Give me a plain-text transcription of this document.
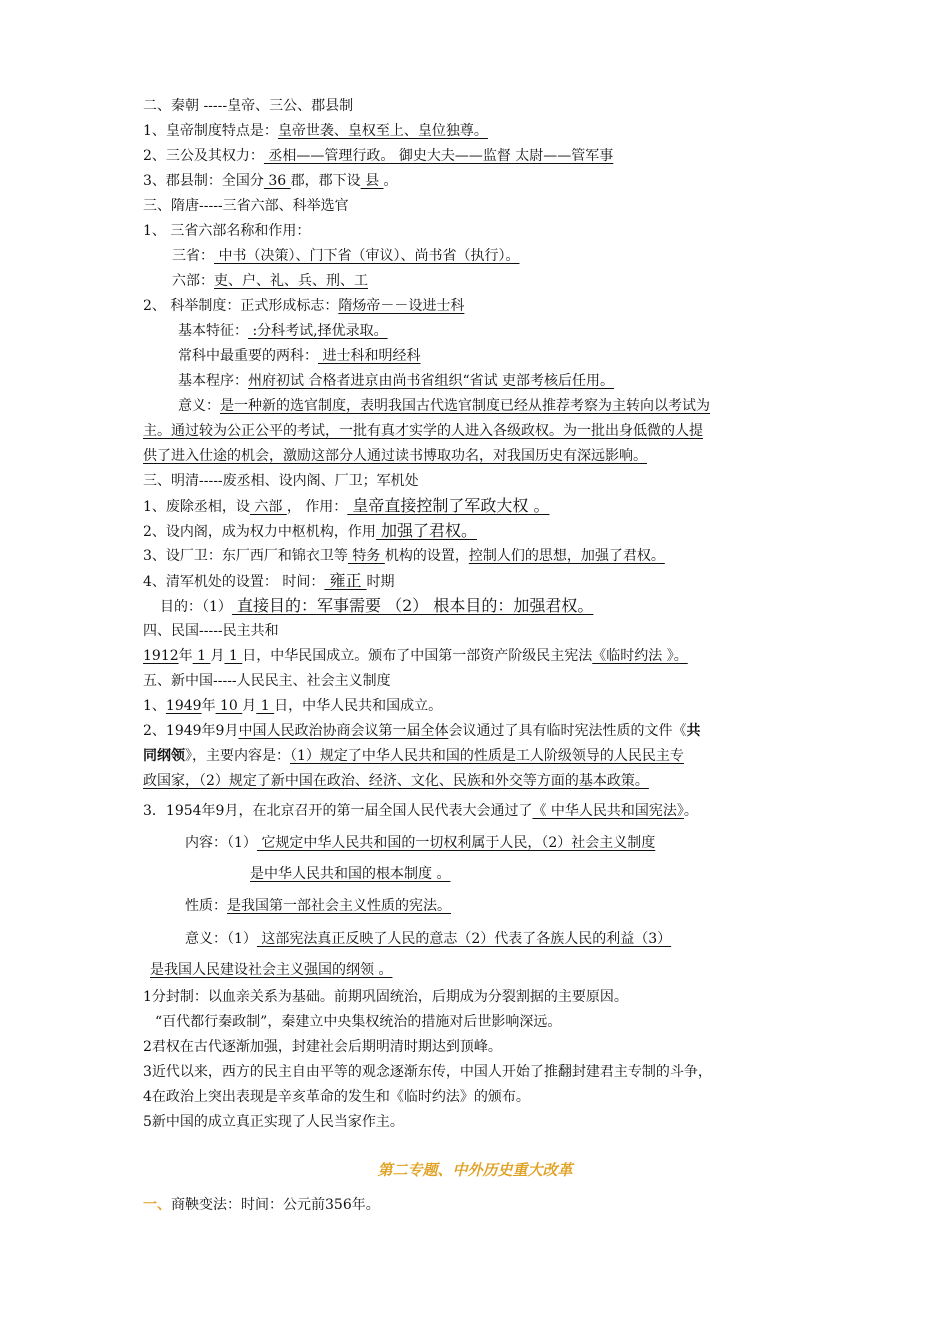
二、秦朝 -----皇帝、三公、郡县制
1、皇帝制度特点是：皇帝世袭、皇权至上、皇位独尊。
2、三公及其权力： 丞相——管理行政。 御史大夫——监督 太尉——管军事
3、郡县制：全国分 36 郡，郡下设 县 。
三、隋唐-----三省六部、科举选官
1、 三省六部名称和作用：
三省： 中书（决策）、门下省（审议）、尚书省（执行）。
六部：吏、户、礼、兵、刑、工
2、 科举制度：正式形成标志：隋炀帝－－设进士科
基本特征： :分科考试,择优录取。
常科中最重要的两科： 进士科和明经科
基本程序：州府初试 合格者进京由尚书省组织“省试 吏部考核后任用。
意义：是一种新的选官制度，表明我国古代选官制度已经从推荐考察为主转向以考试为
主。通过较为公正公平的考试，一批有真才实学的人进入各级政权。为一批出身低微的人提
供了进入仕途的机会，激励这部分人通过读书博取功名，对我国历史有深远影响。
三、明清-----废丞相、设内阁、厂卫；军机处
1、废除丞相，设 六部 ， 作用： 皇帝直接控制了军政大权 。
2、设内阁，成为权力中枢机构，作用 加强了君权。
3、设厂卫：东厂西厂和锦衣卫等 特务 机构的设置，控制人们的思想，加强了君权。
4、清军机处的设置： 时间： 雍正 时期
目的：（1） 直接目的：军事需要 （2） 根本目的：加强君权。
四、民国-----民主共和
1912年 1 月 1 日，中华民国成立。颁布了中国第一部资产阶级民主宪法《临时约法 》。
五、新中国-----人民民主、社会主义制度
1、1949年 10 月 1 日，中华人民共和国成立。
2、1949年9月中国人民政治协商会议第一届全体会议通过了具有临时宪法性质的文件《共
同纲领》，主要内容是：（1）规定了中华人民共和国的性质是工人阶级领导的人民民主专
政国家，（2）规定了新中国在政治、经济、文化、民族和外交等方面的基本政策。
3．1954年9月，在北京召开的第一届全国人民代表大会通过了《 中华人民共和国宪法》。
内容：（1） 它规定中华人民共和国的一切权利属于人民，（2）社会主义制度
是中华人民共和国的根本制度 。
性质：是我国第一部社会主义性质的宪法。
意义：（1） 这部宪法真正反映了人民的意志（2）代表了各族人民的利益（3）
是我国人民建设社会主义强国的纲领 。
1分封制：以血亲关系为基础。前期巩固统治，后期成为分裂割据的主要原因。
“百代都行秦政制”，秦建立中央集权统治的措施对后世影响深远。
2君权在古代逐渐加强，封建社会后期明清时期达到顶峰。
3近代以来，西方的民主自由平等的观念逐渐东传，中国人开始了推翻封建君主专制的斗争，
4在政治上突出表现是辛亥革命的发生和《临时约法》的颁布。
5新中国的成立真正实现了人民当家作主。
第二专题、中外历史重大改革
一、商鞅变法：时间：公元前356年。
